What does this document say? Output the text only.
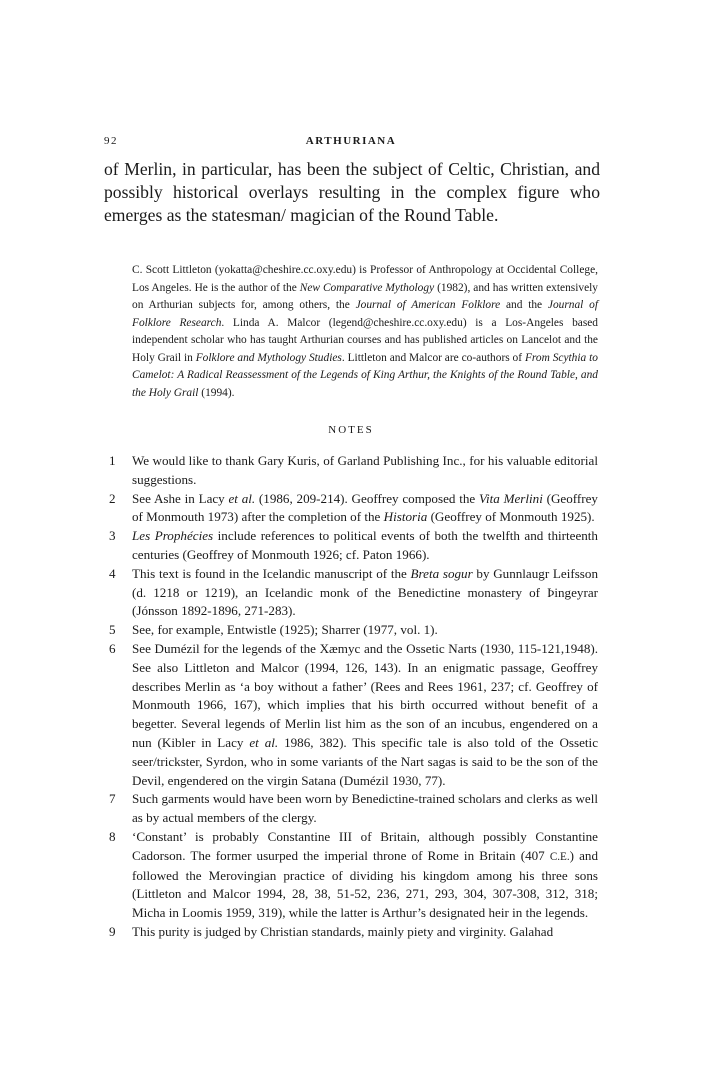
92	ARTHURIANA

of Merlin, in particular, has been the subject of Celtic, Christian, and possibly historical overlays resulting in the complex figure who emerges as the statesman/ magician of the Round Table.

C. Scott Littleton (yokatta@cheshire.cc.oxy.edu) is Professor of Anthropology at Occidental College, Los Angeles. He is the author of the New Comparative Mythology (1982), and has written extensively on Arthurian subjects for, among others, the Journal of American Folklore and the Journal of Folklore Research. Linda A. Malcor (legend@cheshire.cc.oxy.edu) is a Los-Angeles based independent scholar who has taught Arthurian courses and has published articles on Lancelot and the Holy Grail in Folklore and Mythology Studies. Littleton and Malcor are co-authors of From Scythia to Camelot: A Radical Reassessment of the Legends of King Arthur, the Knights of the Round Table, and the Holy Grail (1994).

NOTES
1 We would like to thank Gary Kuris, of Garland Publishing Inc., for his valuable editorial suggestions.
2 See Ashe in Lacy et al. (1986, 209-214). Geoffrey composed the Vita Merlini (Geoffrey of Monmouth 1973) after the completion of the Historia (Geoffrey of Monmouth 1925).
3 Les Prophécies include references to political events of both the twelfth and thirteenth centuries (Geoffrey of Monmouth 1926; cf. Paton 1966).
4 This text is found in the Icelandic manuscript of the Breta sogur by Gunnlaugr Leifsson (d. 1218 or 1219), an Icelandic monk of the Benedictine monastery of Þingeyrar (Jónsson 1892-1896, 271-283).
5 See, for example, Entwistle (1925); Sharrer (1977, vol. 1).
6 See Dumézil for the legends of the Xæmyc and the Ossetic Narts (1930, 115-121,1948). See also Littleton and Malcor (1994, 126, 143). In an enigmatic passage, Geoffrey describes Merlin as ‘a boy without a father’ (Rees and Rees 1961, 237; cf. Geoffrey of Monmouth 1966, 167), which implies that his birth occurred without benefit of a begetter. Several legends of Merlin list him as the son of an incubus, engendered on a nun (Kibler in Lacy et al. 1986, 382). This specific tale is also told of the Ossetic seer/trickster, Syrdon, who in some variants of the Nart sagas is said to be the son of the Devil, engendered on the virgin Satana (Dumézil 1930, 77).
7 Such garments would have been worn by Benedictine-trained scholars and clerks as well as by actual members of the clergy.
8 ‘Constant’ is probably Constantine III of Britain, although possibly Constantine Cadorson. The former usurped the imperial throne of Rome in Britain (407 C.E.) and followed the Merovingian practice of dividing his kingdom among his three sons (Littleton and Malcor 1994, 28, 38, 51-52, 236, 271, 293, 304, 307-308, 312, 318; Micha in Loomis 1959, 319), while the latter is Arthur’s designated heir in the legends.
9 This purity is judged by Christian standards, mainly piety and virginity. Galahad
